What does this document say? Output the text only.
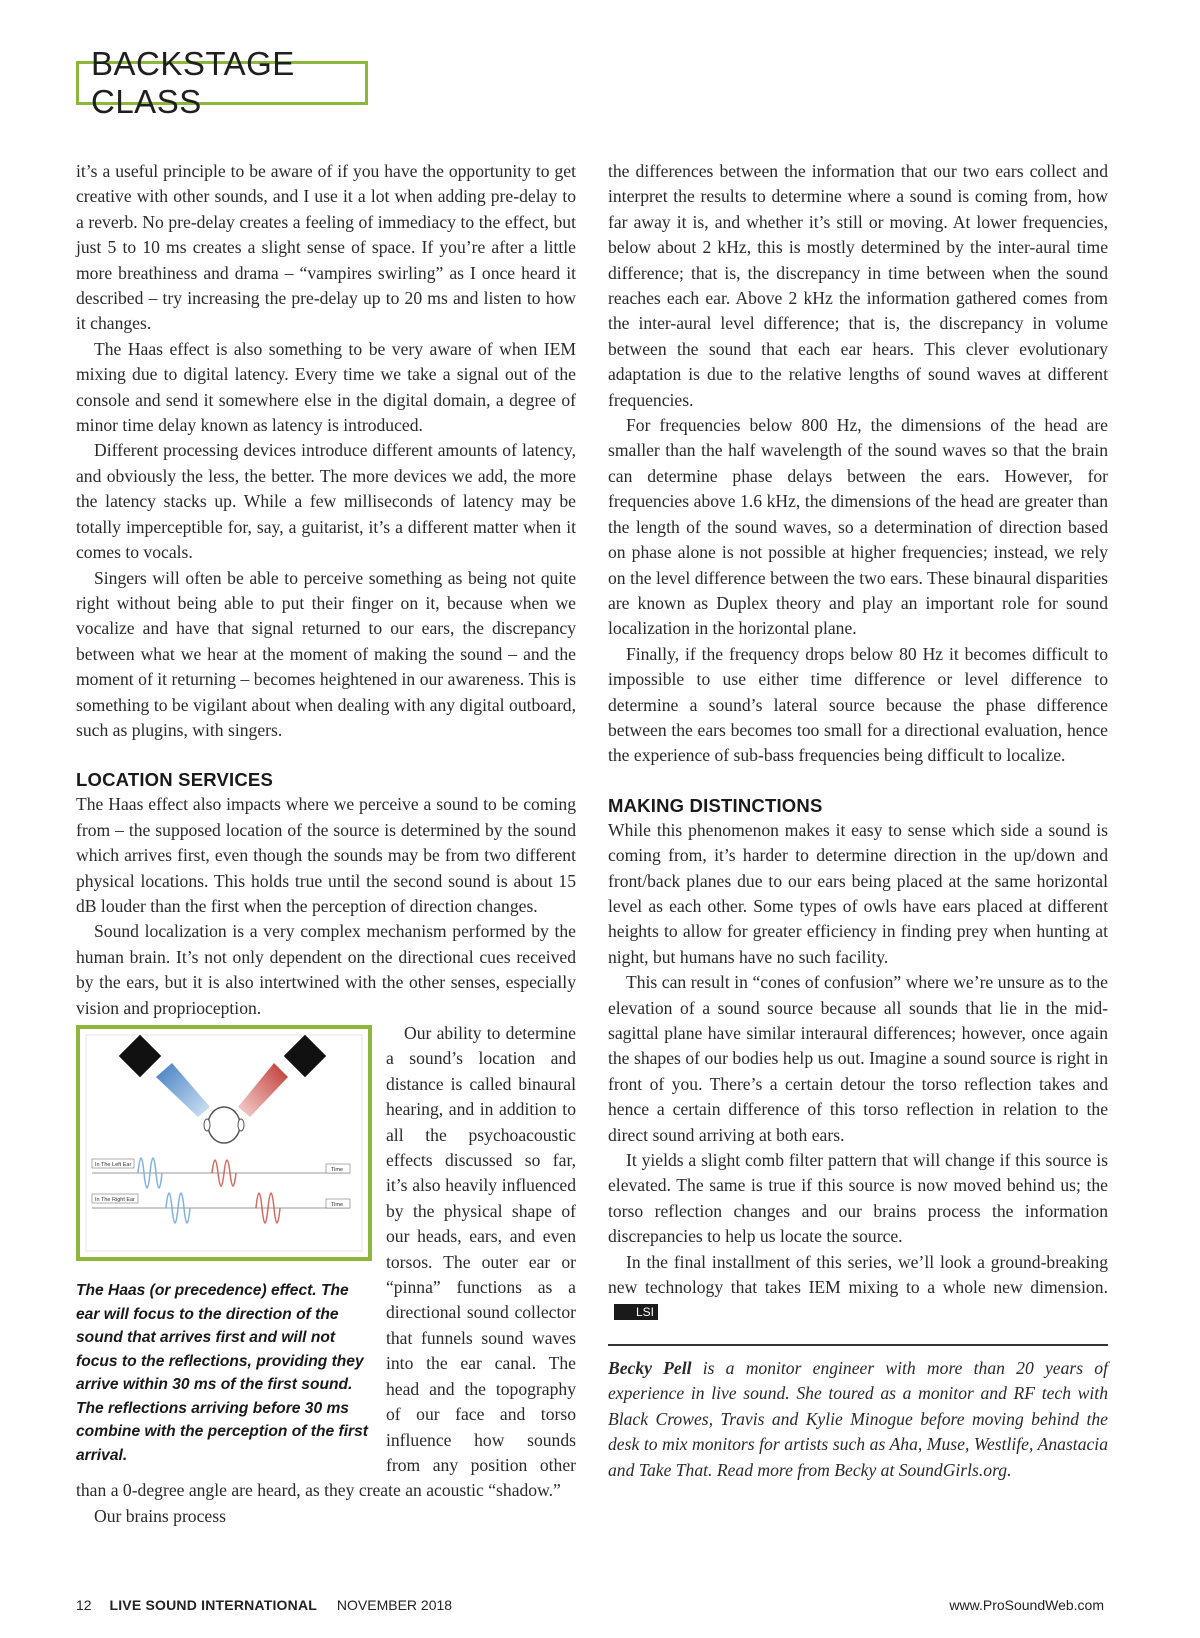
BACKSTAGE CLASS

it’s a useful principle to be aware of if you have the opportunity to get creative with other sounds, and I use it a lot when adding pre-delay to a reverb. No pre-delay creates a feeling of immediacy to the effect, but just 5 to 10 ms creates a slight sense of space. If you’re after a little more breathiness and drama – “vampires swirling” as I once heard it described – try increasing the pre-delay up to 20 ms and listen to how it changes.

The Haas effect is also something to be very aware of when IEM mixing due to digital latency. Every time we take a signal out of the console and send it somewhere else in the digital domain, a degree of minor time delay known as latency is introduced.

Different processing devices introduce different amounts of latency, and obviously the less, the better. The more devices we add, the more the latency stacks up. While a few milliseconds of latency may be totally imperceptible for, say, a guitarist, it’s a different matter when it comes to vocals.

Singers will often be able to perceive something as being not quite right without being able to put their finger on it, because when we vocalize and have that signal returned to our ears, the discrepancy between what we hear at the moment of making the sound – and the moment of it returning – becomes heightened in our awareness. This is something to be vigilant about when dealing with any digital outboard, such as plugins, with singers.

LOCATION SERVICES

The Haas effect also impacts where we perceive a sound to be coming from – the supposed location of the source is determined by the sound which arrives first, even though the sounds may be from two different physical locations. This holds true until the second sound is about 15 dB louder than the first when the perception of direction changes.

Sound localization is a very complex mechanism performed by the human brain. It’s not only dependent on the directional cues received by the ears, but it is also intertwined with the other senses, especially vision and proprioception.

In The Left Ear
In The Right Ear
Time
Time
The Haas (or precedence) effect. The ear will focus to the direction of the sound that arrives first and will not focus to the reflections, providing they arrive within 30 ms of the first sound. The reflections arriving before 30 ms combine with the perception of the first arrival.
Our ability to determine a sound’s location and distance is called binaural hearing, and in addition to all the psychoacoustic effects discussed so far, it’s also heavily influenced by the physical shape of our heads, ears, and even torsos. The outer ear or “pinna” functions as a directional sound collector that funnels sound waves into the ear canal. The head and the topography of our face and torso influence how sounds from any position other than a 0-degree angle are heard, as they create an acoustic “shadow.”

Our brains process

the differences between the information that our two ears collect and interpret the results to determine where a sound is coming from, how far away it is, and whether it’s still or moving. At lower frequencies, below about 2 kHz, this is mostly determined by the inter-aural time difference; that is, the discrepancy in time between when the sound reaches each ear. Above 2 kHz the information gathered comes from the inter-aural level difference; that is, the discrepancy in volume between the sound that each ear hears. This clever evolutionary adaptation is due to the relative lengths of sound waves at different frequencies.

For frequencies below 800 Hz, the dimensions of the head are smaller than the half wavelength of the sound waves so that the brain can determine phase delays between the ears. However, for frequencies above 1.6 kHz, the dimensions of the head are greater than the length of the sound waves, so a determination of direction based on phase alone is not possible at higher frequencies; instead, we rely on the level difference between the two ears. These binaural disparities are known as Duplex theory and play an important role for sound localization in the horizontal plane.

Finally, if the frequency drops below 80 Hz it becomes difficult to impossible to use either time difference or level difference to determine a sound’s lateral source because the phase difference between the ears becomes too small for a directional evaluation, hence the experience of sub-bass frequencies being difficult to localize.

MAKING DISTINCTIONS

While this phenomenon makes it easy to sense which side a sound is coming from, it’s harder to determine direction in the up/down and front/back planes due to our ears being placed at the same horizontal level as each other. Some types of owls have ears placed at different heights to allow for greater efficiency in finding prey when hunting at night, but humans have no such facility.

This can result in “cones of confusion” where we’re unsure as to the elevation of a sound source because all sounds that lie in the mid-sagittal plane have similar interaural differences; however, once again the shapes of our bodies help us out. Imagine a sound source is right in front of you. There’s a certain detour the torso reflection takes and hence a certain difference of this torso reflection in relation to the direct sound arriving at both ears.

It yields a slight comb filter pattern that will change if this source is elevated. The same is true if this source is now moved behind us; the torso reflection changes and our brains process the information discrepancies to help us locate the source.

In the final installment of this series, we’ll look a ground-breaking new technology that takes IEM mixing to a whole new dimension.LSI

Becky Pell is a monitor engineer with more than 20 years of experience in live sound. She toured as a monitor and RF tech with Black Crowes, Travis and Kylie Minogue before moving behind the desk to mix monitors for artists such as Aha, Muse, Westlife, Anastacia and Take That. Read more from Becky at SoundGirls.org.

12 LIVE SOUND INTERNATIONAL NOVEMBER 2018	www.ProSoundWeb.com
